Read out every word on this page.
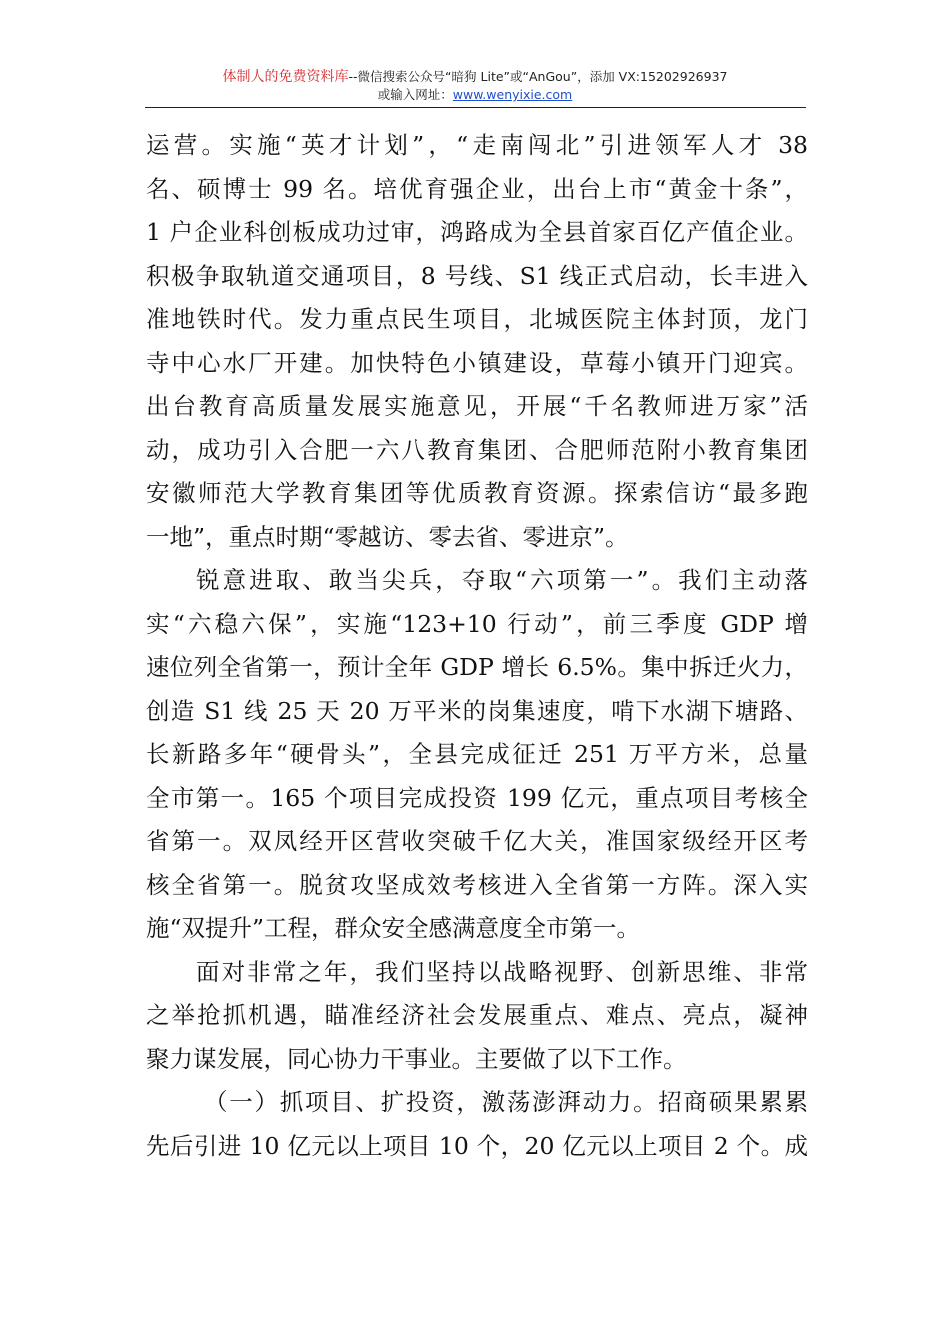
体制人的免费资料库--微信搜索公众号“暗狗 Lite”或“AnGou”，添加 VX:15202926937
或输入网址：www.wenyixie.com
运营。实施“英才计划”，“走南闯北”引进领军人才 38
名、硕博士 99 名。培优育强企业，出台上市“黄金十条”，
1 户企业科创板成功过审，鸿路成为全县首家百亿产值企业。
积极争取轨道交通项目，8 号线、S1 线正式启动，长丰进入
准地铁时代。发力重点民生项目，北城医院主体封顶，龙门
寺中心水厂开建。加快特色小镇建设，草莓小镇开门迎宾。
出台教育高质量发展实施意见，开展“千名教师进万家”活
动，成功引入合肥一六八教育集团、合肥师范附小教育集团
安徽师范大学教育集团等优质教育资源。探索信访“最多跑
一地”，重点时期“零越访、零去省、零进京”。
锐意进取、敢当尖兵，夺取“六项第一”。我们主动落
实“六稳六保”，实施“123+10 行动”，前三季度 GDP 增
速位列全省第一，预计全年 GDP 增长 6.5%。集中拆迁火力，
创造 S1 线 25 天 20 万平米的岗集速度，啃下水湖下塘路、
长新路多年“硬骨头”，全县完成征迁 251 万平方米，总量
全市第一。165 个项目完成投资 199 亿元，重点项目考核全
省第一。双凤经开区营收突破千亿大关，准国家级经开区考
核全省第一。脱贫攻坚成效考核进入全省第一方阵。深入实
施“双提升”工程，群众安全感满意度全市第一。
面对非常之年，我们坚持以战略视野、创新思维、非常
之举抢抓机遇，瞄准经济社会发展重点、难点、亮点，凝神
聚力谋发展，同心协力干事业。主要做了以下工作。
（一）抓项目、扩投资，激荡澎湃动力。招商硕果累累
先后引进 10 亿元以上项目 10 个，20 亿元以上项目 2 个。成
